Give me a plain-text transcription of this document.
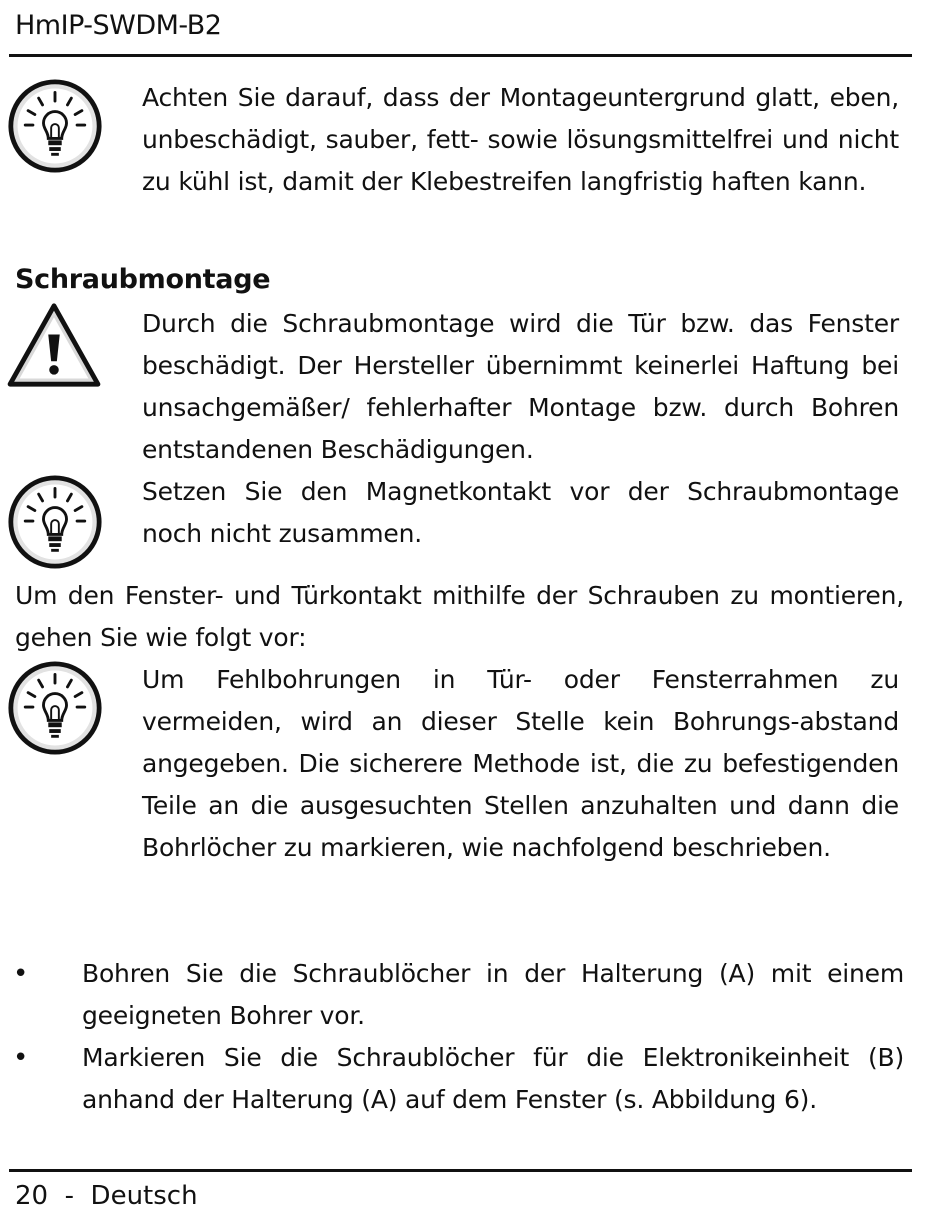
HmIP-SWDM-B2

Achten Sie darauf, dass der Montageuntergrund glatt, eben, unbeschädigt, sauber, fett- sowie lösungsmittelfrei und nicht zu kühl ist, damit der Klebestreifen langfristig haften kann.

Schraubmontage

Durch die Schraubmontage wird die Tür bzw. das Fenster beschädigt. Der Hersteller übernimmt keinerlei Haftung bei unsachgemäßer/ fehlerhafter Montage bzw. durch Bohren entstandenen Beschädigungen.

Setzen Sie den Magnetkontakt vor der Schraubmontage noch nicht zusammen.

Um den Fenster- und Türkontakt mithilfe der Schrauben zu montieren, gehen Sie wie folgt vor:

Um Fehlbohrungen in Tür- oder Fensterrahmen zu vermeiden, wird an dieser Stelle kein Bohrungs-abstand angegeben. Die sicherere Methode ist, die zu befestigenden Teile an die ausgesuchten Stellen anzuhalten und dann die Bohrlöcher zu markieren, wie nachfolgend beschrieben.

• Bohren Sie die Schraublöcher in der Halterung (A) mit einem geeigneten Bohrer vor.

• Markieren Sie die Schraublöcher für die Elektronikeinheit (B) anhand der Halterung (A) auf dem Fenster (s. Abbildung 6).

20 - Deutsch
